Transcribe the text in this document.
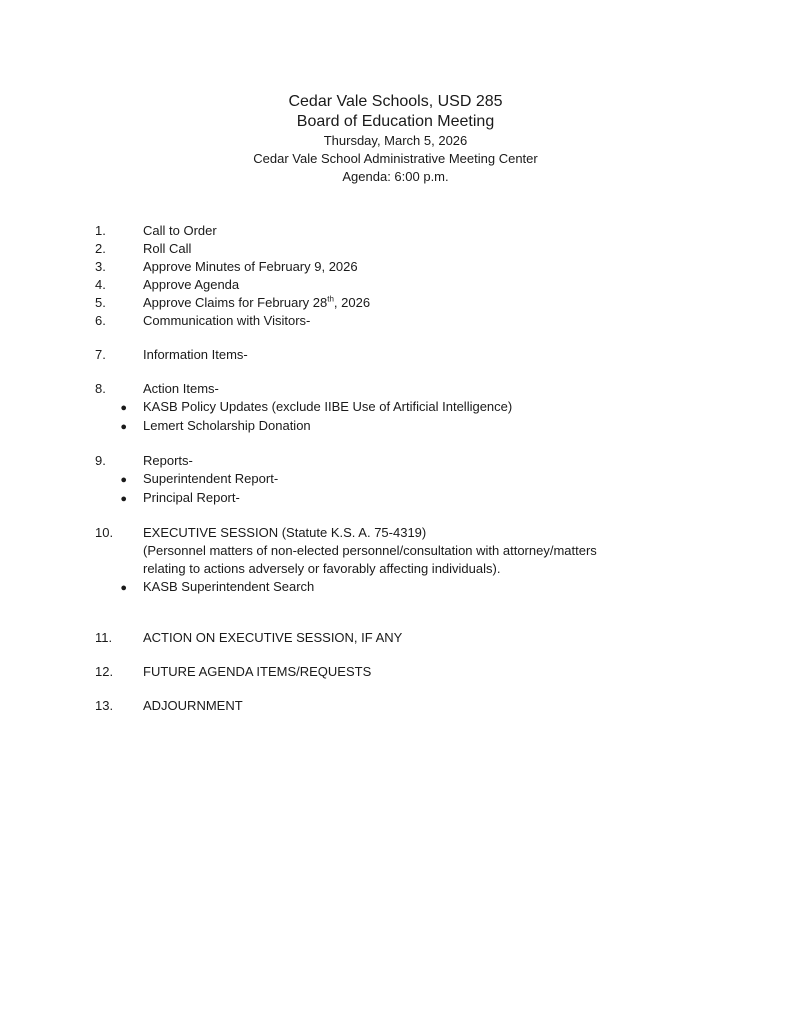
Cedar Vale Schools, USD 285
Board of Education Meeting
Thursday, March 5, 2026
Cedar Vale School Administrative Meeting Center
Agenda: 6:00 p.m.
1.	Call to Order
2.	Roll Call
3.	Approve Minutes of February 9, 2026
4.	Approve Agenda
5.	Approve Claims for February 28th, 2026
6.	Communication with Visitors-
7.	Information Items-
8.	Action Items-
●	KASB Policy Updates (exclude IIBE Use of Artificial Intelligence)
●	Lemert Scholarship Donation
9.	Reports-
●	Superintendent Report-
●	Principal Report-
10.	EXECUTIVE SESSION (Statute K.S. A. 75-4319)
(Personnel matters of non-elected personnel/consultation with attorney/matters
relating to actions adversely or favorably affecting individuals).
●	KASB Superintendent Search
11.	ACTION ON EXECUTIVE SESSION, IF ANY
12.	FUTURE AGENDA ITEMS/REQUESTS
13.	ADJOURNMENT
